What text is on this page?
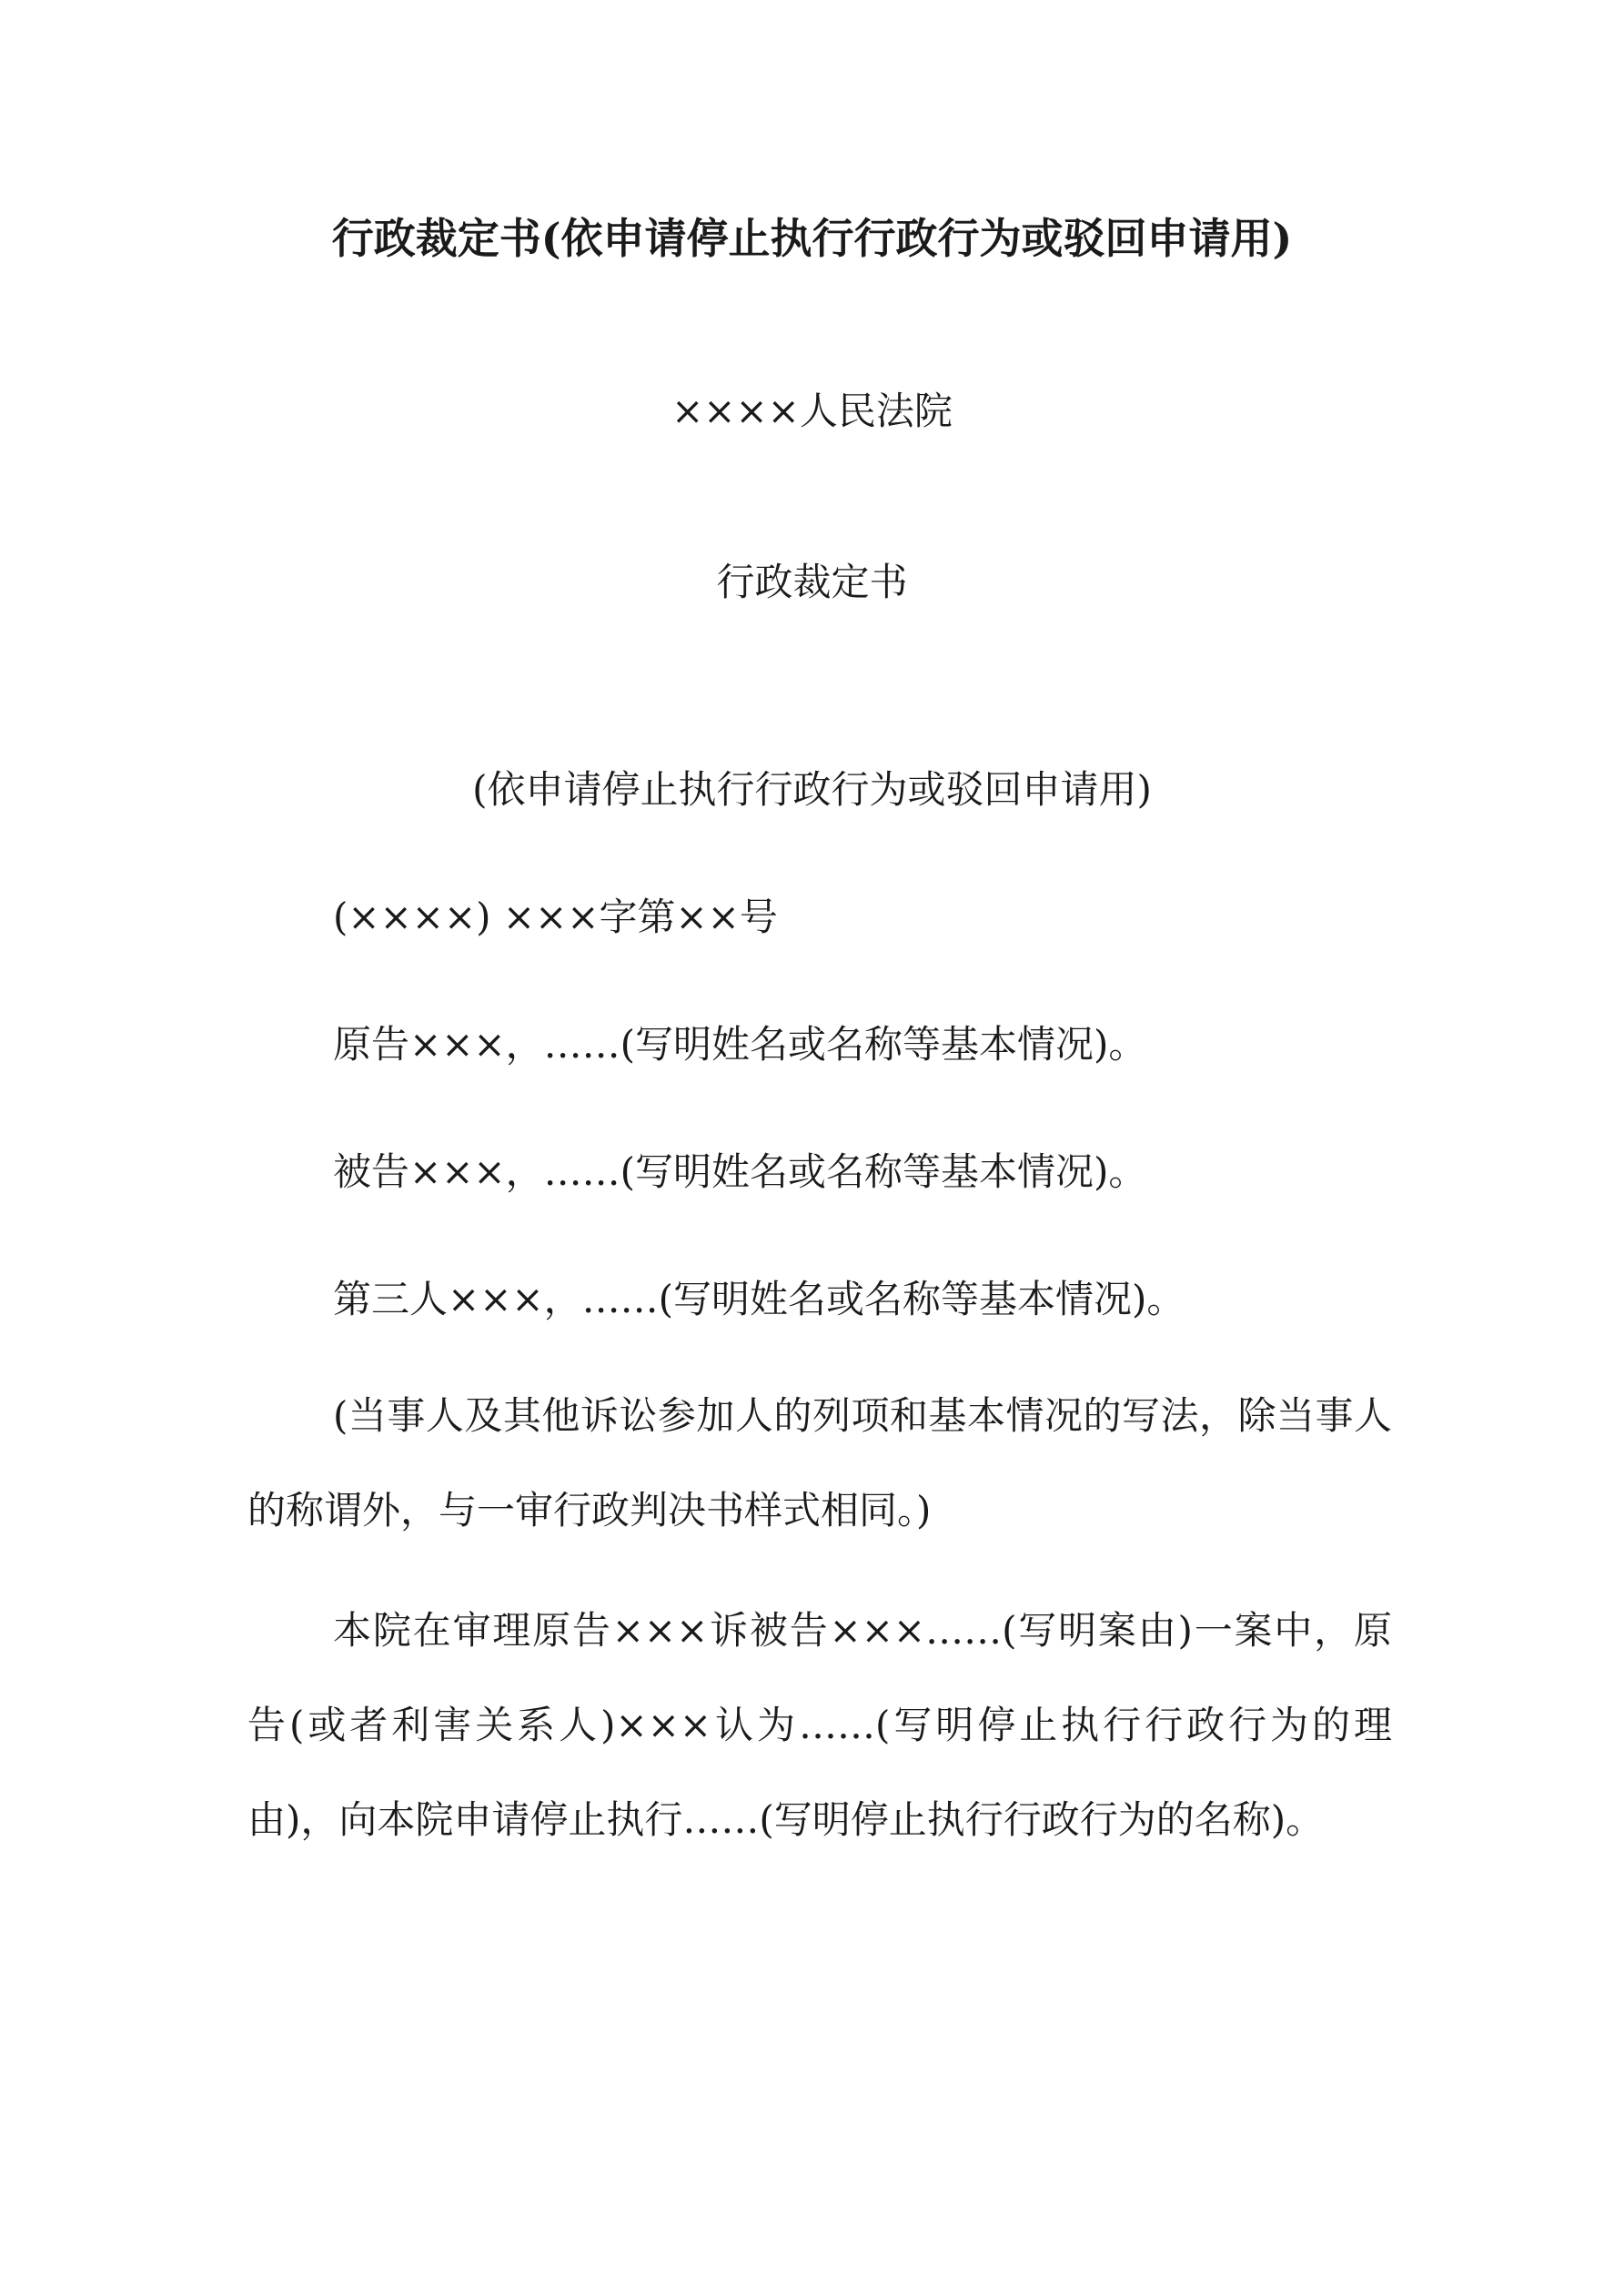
行政裁定书(依申请停止执行行政行为或驳回申请用)
××××人民法院
行政裁定书
(依申请停止执行行政行为或驳回申请用)
(××××) ×××字第××号
原告×××，……(写明姓名或名称等基本情况)。
被告×××，……(写明姓名或名称等基本情况)。
第三人×××，……(写明姓名或名称等基本情况)。
(当事人及其他诉讼参加人的列项和基本情况的写法，除当事人的称谓外，与一审行政判决书样式相同。)
本院在审理原告×××诉被告×××……(写明案由)一案中，原告(或者利害关系人)×××认为……(写明停止执行行政行为的理由)，向本院申请停止执行……(写明停止执行行政行为的名称)。
